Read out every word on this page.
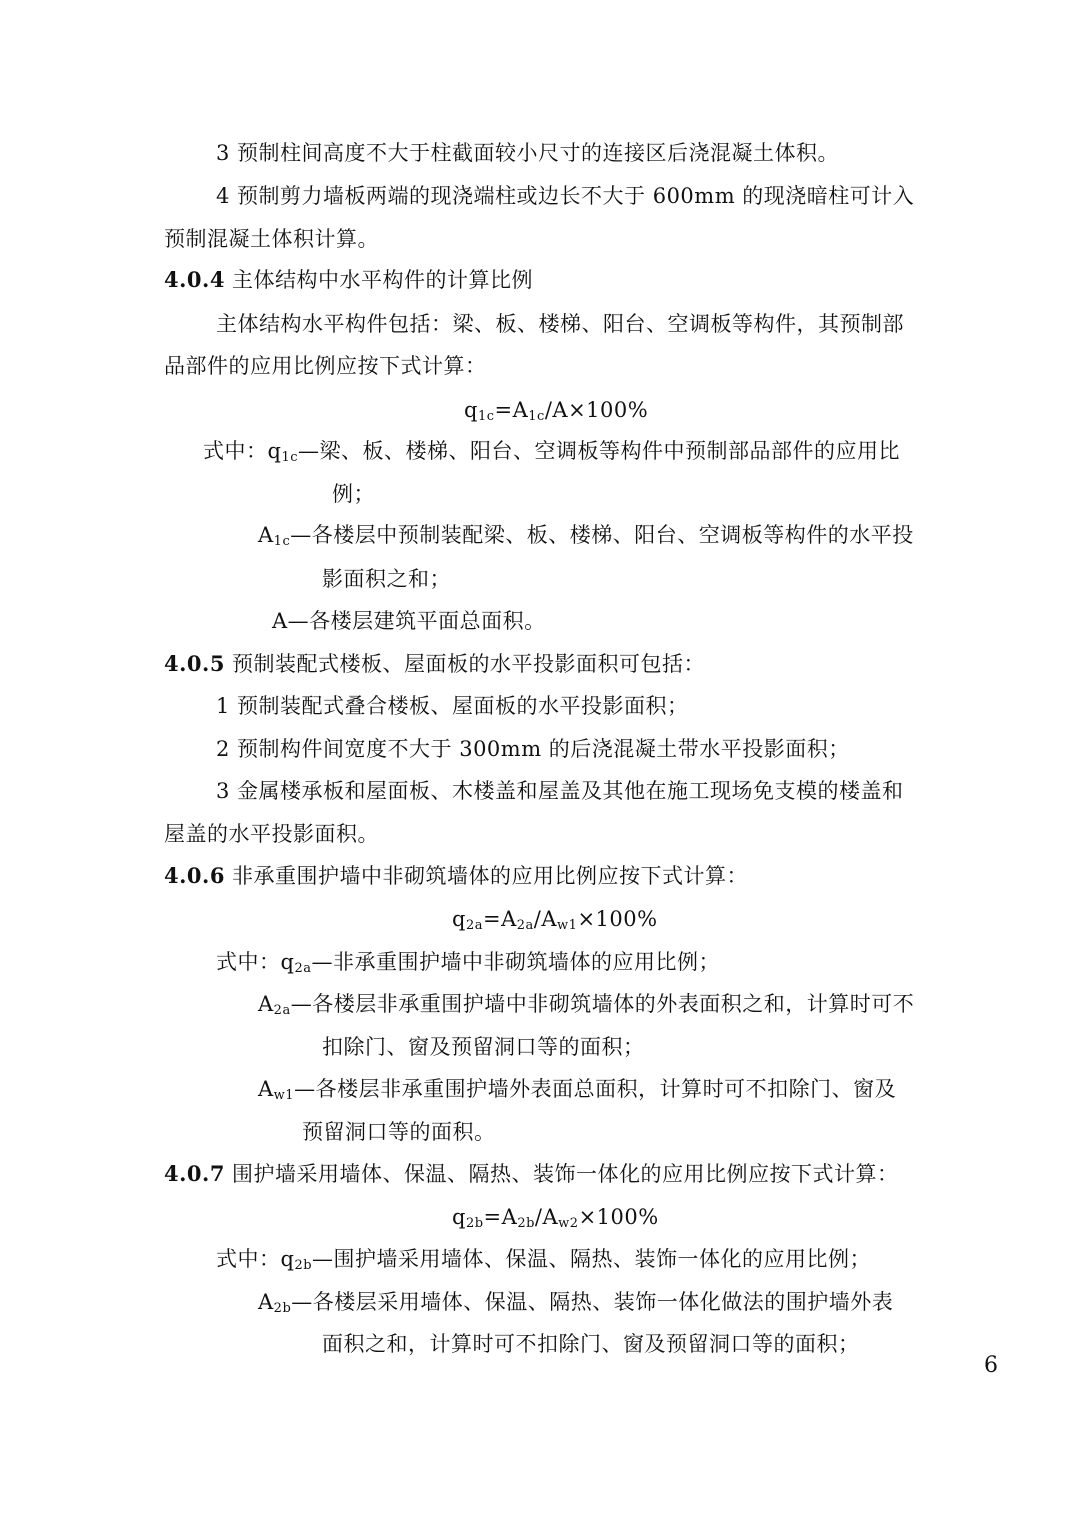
3 预制柱间高度不大于柱截面较小尺寸的连接区后浇混凝土体积。
4 预制剪力墙板两端的现浇端柱或边长不大于 600mm 的现浇暗柱可计入
预制混凝土体积计算。
4.0.4 主体结构中水平构件的计算比例
主体结构水平构件包括：梁、板、楼梯、阳台、空调板等构件，其预制部
品部件的应用比例应按下式计算：
q1c=A1c/A×100%
式中：q1c—梁、板、楼梯、阳台、空调板等构件中预制部品部件的应用比
例；
A1c—各楼层中预制装配梁、板、楼梯、阳台、空调板等构件的水平投
影面积之和；
A—各楼层建筑平面总面积。
4.0.5 预制装配式楼板、屋面板的水平投影面积可包括：
1 预制装配式叠合楼板、屋面板的水平投影面积；
2 预制构件间宽度不大于 300mm 的后浇混凝土带水平投影面积；
3 金属楼承板和屋面板、木楼盖和屋盖及其他在施工现场免支模的楼盖和
屋盖的水平投影面积。
4.0.6 非承重围护墙中非砌筑墙体的应用比例应按下式计算：
q2a=A2a/Aw1×100%
式中：q2a—非承重围护墙中非砌筑墙体的应用比例；
A2a—各楼层非承重围护墙中非砌筑墙体的外表面积之和，计算时可不
扣除门、窗及预留洞口等的面积；
Aw1—各楼层非承重围护墙外表面总面积，计算时可不扣除门、窗及
预留洞口等的面积。
4.0.7 围护墙采用墙体、保温、隔热、装饰一体化的应用比例应按下式计算：
q2b=A2b/Aw2×100%
式中：q2b—围护墙采用墙体、保温、隔热、装饰一体化的应用比例；
A2b—各楼层采用墙体、保温、隔热、装饰一体化做法的围护墙外表
面积之和，计算时可不扣除门、窗及预留洞口等的面积；
6
